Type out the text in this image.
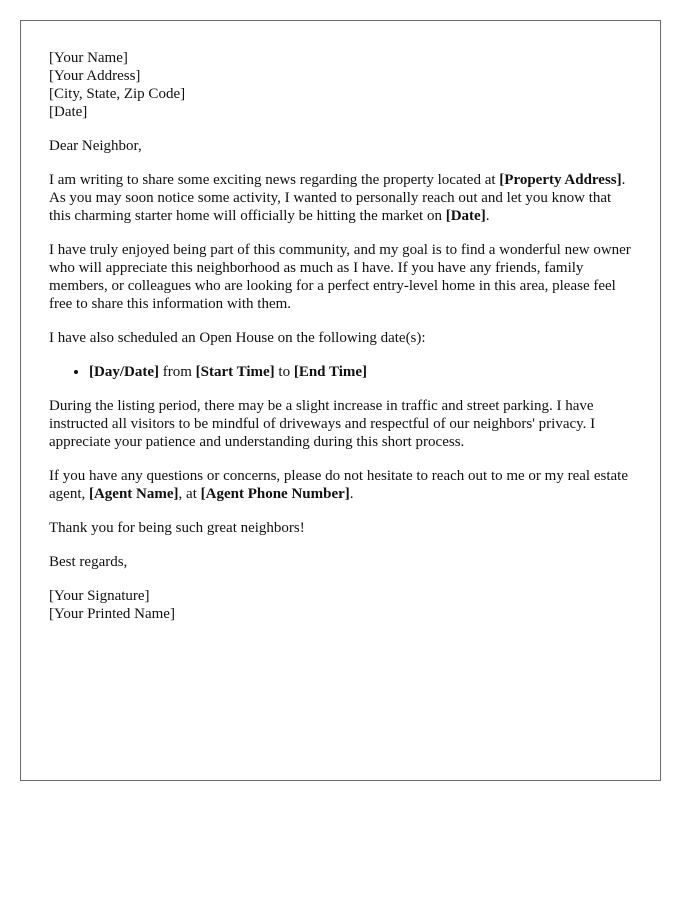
[Your Name]
[Your Address]
[City, State, Zip Code]
[Date]

Dear Neighbor,

I am writing to share some exciting news regarding the property located at [Property Address]. As you may soon notice some activity, I wanted to personally reach out and let you know that this charming starter home will officially be hitting the market on [Date].

I have truly enjoyed being part of this community, and my goal is to find a wonderful new owner who will appreciate this neighborhood as much as I have. If you have any friends, family members, or colleagues who are looking for a perfect entry-level home in this area, please feel free to share this information with them.

I have also scheduled an Open House on the following date(s):

• [Day/Date] from [Start Time] to [End Time]

During the listing period, there may be a slight increase in traffic and street parking. I have instructed all visitors to be mindful of driveways and respectful of our neighbors' privacy. I appreciate your patience and understanding during this short process.

If you have any questions or concerns, please do not hesitate to reach out to me or my real estate agent, [Agent Name], at [Agent Phone Number].

Thank you for being such great neighbors!

Best regards,

[Your Signature]
[Your Printed Name]
